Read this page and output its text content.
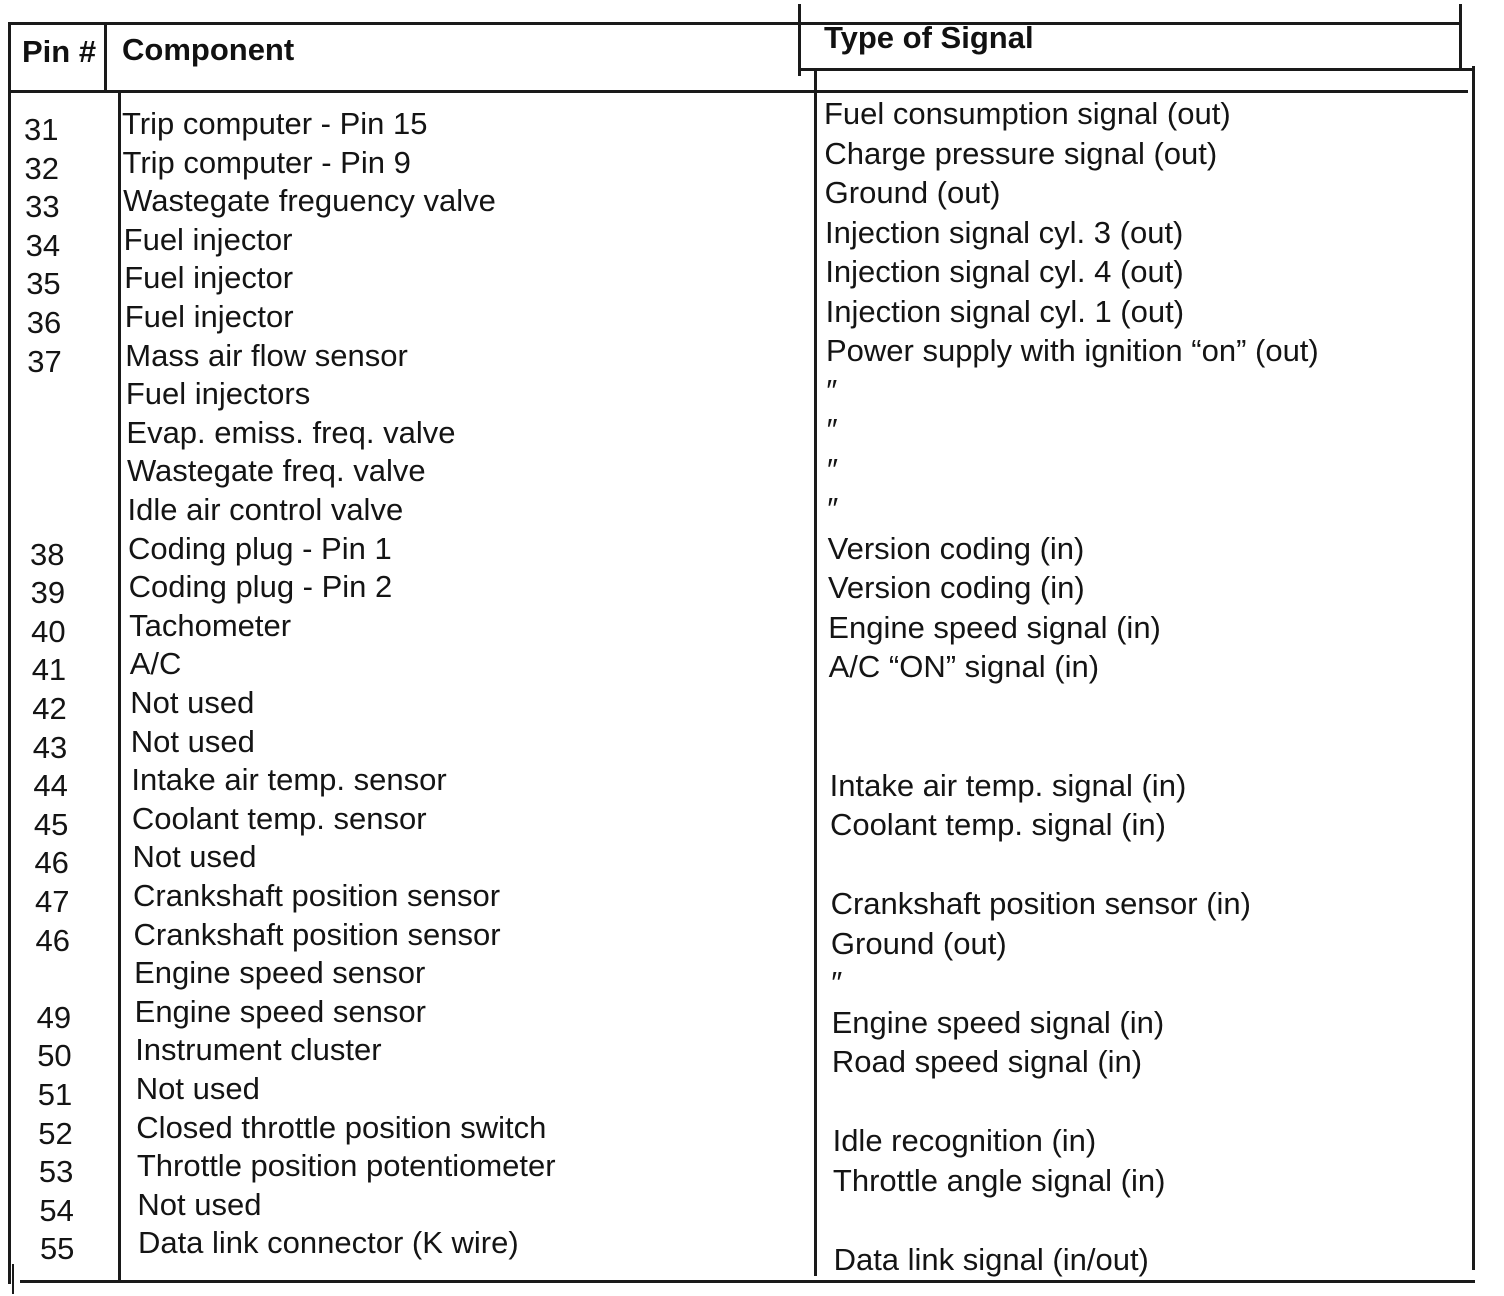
Pin # Component	Type of Signal
31 Trip computer - Pin 15	Fuel consumption signal (out)
32 Trip computer - Pin 9	Charge pressure signal (out)
33 Wastegate freguency valve	Ground (out)
34 Fuel injector	Injection signal cyl. 3 (out)
35 Fuel injector	Injection signal cyl. 4 (out)
36 Fuel injector	Injection signal cyl. 1 (out)
37 Mass air flow sensor	Power supply with ignition “on” (out)
Fuel injectors	″
Evap. emiss. freq. valve	″
Wastegate freq. valve	″
Idle air control valve	″
38 Coding plug - Pin 1	Version coding (in)
39 Coding plug - Pin 2	Version coding (in)
40 Tachometer	Engine speed signal (in)
41 A/C	A/C “ON” signal (in)
42 Not used
43 Not used
44 Intake air temp. sensor	Intake air temp. signal (in)
45 Coolant temp. sensor	Coolant temp. signal (in)
46 Not used
47 Crankshaft position sensor	Crankshaft position sensor (in)
46 Crankshaft position sensor	Ground (out)
Engine speed sensor	″
49 Engine speed sensor	Engine speed signal (in)
50 Instrument cluster	Road speed signal (in)
51 Not used
52 Closed throttle position switch	Idle recognition (in)
53 Throttle position potentiometer	Throttle angle signal (in)
54 Not used
55 Data link connector (K wire)	Data link signal (in/out)
